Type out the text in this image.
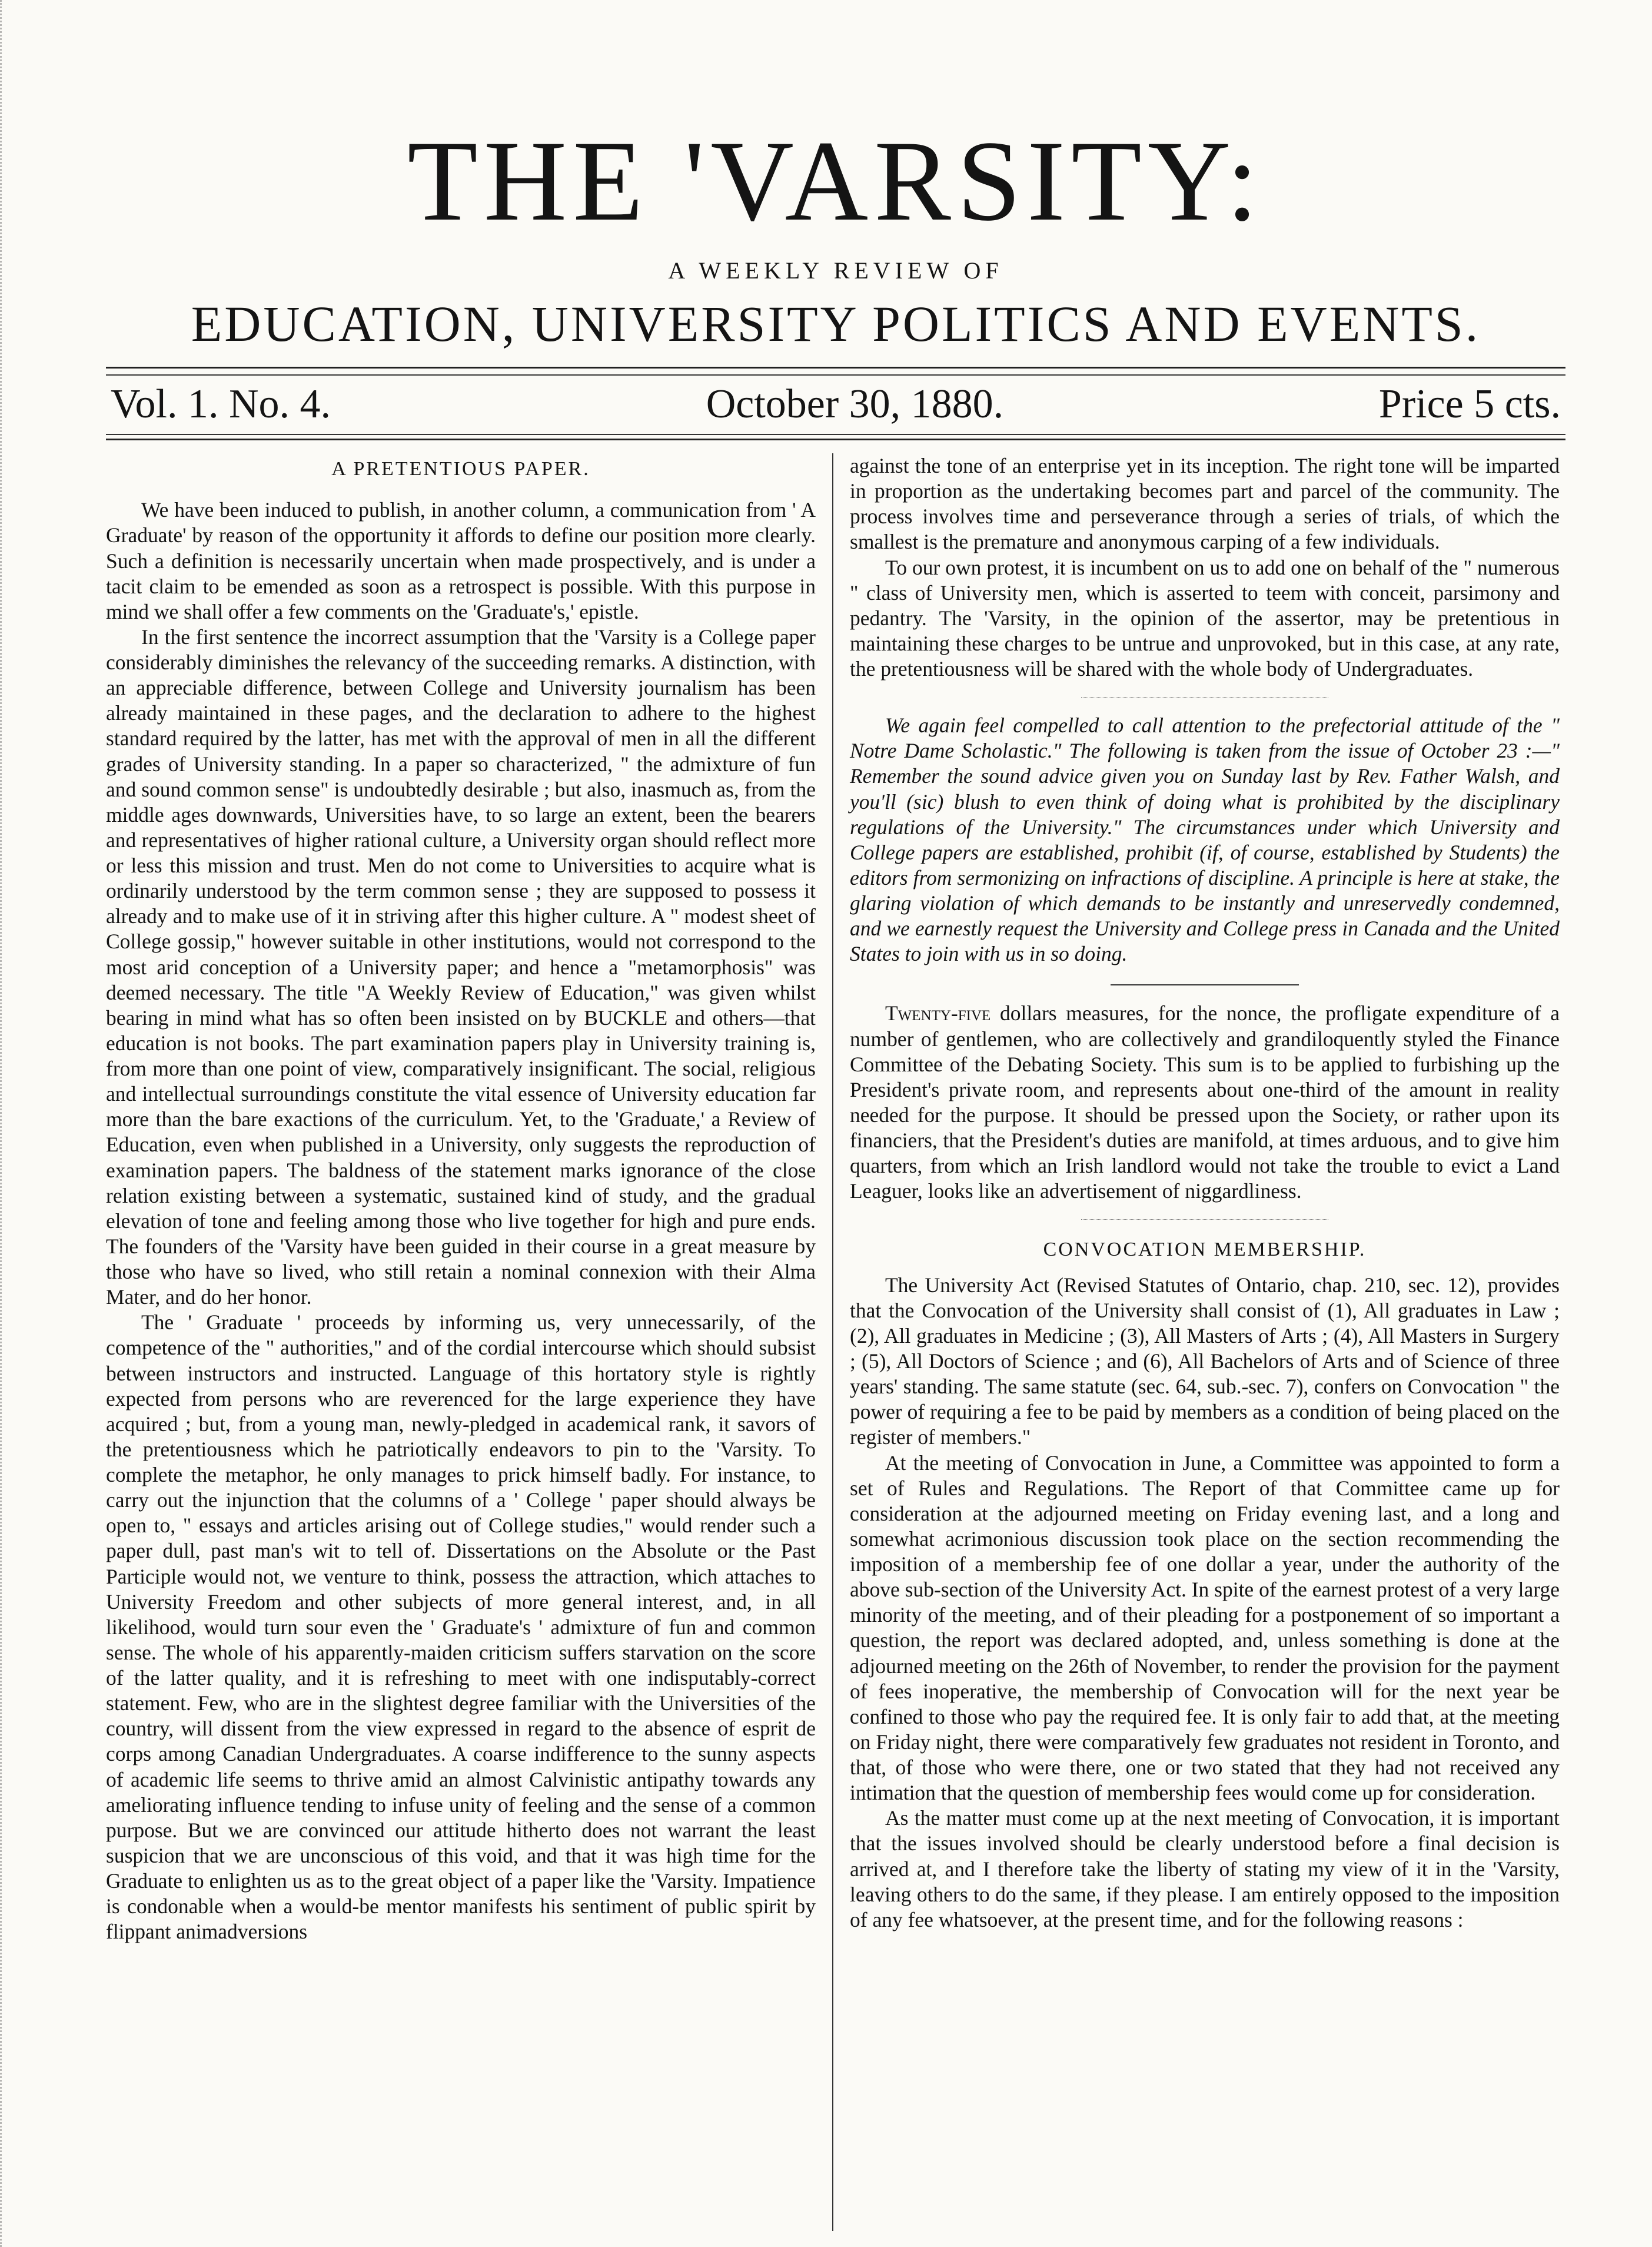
THE 'VARSITY:
A WEEKLY REVIEW OF
EDUCATION, UNIVERSITY POLITICS AND EVENTS.
Vol. 1. No. 4.	October 30, 1880.	Price 5 cts.
A PRETENTIOUS PAPER.

We have been induced to publish, in another column, a communication from ' A Graduate' by reason of the opportunity it affords to define our position more clearly. Such a definition is necessarily uncertain when made prospectively, and is under a tacit claim to be emended as soon as a retrospect is possible. With this purpose in mind we shall offer a few comments on the 'Graduate's,' epistle.

In the first sentence the incorrect assumption that the 'Varsity is a College paper considerably diminishes the relevancy of the succeeding remarks. A distinction, with an appreciable difference, between College and University journalism has been already maintained in these pages, and the declaration to adhere to the highest standard required by the latter, has met with the approval of men in all the different grades of University standing. In a paper so characterized, " the admixture of fun and sound common sense" is undoubtedly desirable ; but also, inasmuch as, from the middle ages downwards, Universities have, to so large an extent, been the bearers and representatives of higher rational culture, a University organ should reflect more or less this mission and trust. Men do not come to Universities to acquire what is ordinarily understood by the term common sense ; they are supposed to possess it already and to make use of it in striving after this higher culture. A " modest sheet of College gossip," however suitable in other institutions, would not correspond to the most arid conception of a University paper; and hence a "metamorphosis" was deemed necessary. The title "A Weekly Review of Education," was given whilst bearing in mind what has so often been insisted on by BUCKLE and others—that education is not books. The part examination papers play in University training is, from more than one point of view, comparatively insignificant. The social, religious and intellectual surroundings constitute the vital essence of University education far more than the bare exactions of the curriculum. Yet, to the 'Graduate,' a Review of Education, even when published in a University, only suggests the reproduction of examination papers. The baldness of the statement marks ignorance of the close relation existing between a systematic, sustained kind of study, and the gradual elevation of tone and feeling among those who live together for high and pure ends. The founders of the 'Varsity have been guided in their course in a great measure by those who have so lived, who still retain a nominal connexion with their Alma Mater, and do her honor.

The ' Graduate ' proceeds by informing us, very unnecessarily, of the competence of the " authorities," and of the cordial intercourse which should subsist between instructors and instructed. Language of this hortatory style is rightly expected from persons who are reverenced for the large experience they have acquired ; but, from a young man, newly-pledged in academical rank, it savors of the pretentiousness which he patriotically endeavors to pin to the 'Varsity. To complete the metaphor, he only manages to prick himself badly. For instance, to carry out the injunction that the columns of a ' College ' paper should always be open to, " essays and articles arising out of College studies," would render such a paper dull, past man's wit to tell of. Dissertations on the Absolute or the Past Participle would not, we venture to think, possess the attraction, which attaches to University Freedom and other subjects of more general interest, and, in all likelihood, would turn sour even the ' Graduate's ' admixture of fun and common sense. The whole of his apparently-maiden criticism suffers starvation on the score of the latter quality, and it is refreshing to meet with one indisputably-correct statement. Few, who are in the slightest degree familiar with the Universities of the country, will dissent from the view expressed in regard to the absence of esprit de corps among Canadian Undergraduates. A coarse indifference to the sunny aspects of academic life seems to thrive amid an almost Calvinistic antipathy towards any ameliorating influence tending to infuse unity of feeling and the sense of a common purpose. But we are convinced our attitude hitherto does not warrant the least suspicion that we are unconscious of this void, and that it was high time for the Graduate to enlighten us as to the great object of a paper like the 'Varsity. Impatience is condonable when a would-be mentor manifests his sentiment of public spirit by flippant animadversions

against the tone of an enterprise yet in its inception. The right tone will be imparted in proportion as the undertaking becomes part and parcel of the community. The process involves time and perseverance through a series of trials, of which the smallest is the premature and anonymous carping of a few individuals.

To our own protest, it is incumbent on us to add one on behalf of the " numerous " class of University men, which is asserted to teem with conceit, parsimony and pedantry. The 'Varsity, in the opinion of the assertor, may be pretentious in maintaining these charges to be untrue and unprovoked, but in this case, at any rate, the pretentiousness will be shared with the whole body of Undergraduates.

We again feel compelled to call attention to the prefectorial attitude of the " Notre Dame Scholastic." The following is taken from the issue of October 23 :—" Remember the sound advice given you on Sunday last by Rev. Father Walsh, and you'll (sic) blush to even think of doing what is prohibited by the disciplinary regulations of the University." The circumstances under which University and College papers are established, prohibit (if, of course, established by Students) the editors from sermonizing on infractions of discipline. A principle is here at stake, the glaring violation of which demands to be instantly and unreservedly condemned, and we earnestly request the University and College press in Canada and the United States to join with us in so doing.

Twenty-five dollars measures, for the nonce, the profligate expenditure of a number of gentlemen, who are collectively and grandiloquently styled the Finance Committee of the Debating Society. This sum is to be applied to furbishing up the President's private room, and represents about one-third of the amount in reality needed for the purpose. It should be pressed upon the Society, or rather upon its financiers, that the President's duties are manifold, at times arduous, and to give him quarters, from which an Irish landlord would not take the trouble to evict a Land Leaguer, looks like an advertisement of niggardliness.

CONVOCATION MEMBERSHIP.

The University Act (Revised Statutes of Ontario, chap. 210, sec. 12), provides that the Convocation of the University shall consist of (1), All graduates in Law ; (2), All graduates in Medicine ; (3), All Masters of Arts ; (4), All Masters in Surgery ; (5), All Doctors of Science ; and (6), All Bachelors of Arts and of Science of three years' standing. The same statute (sec. 64, sub.-sec. 7), confers on Convocation " the power of requiring a fee to be paid by members as a condition of being placed on the register of members."

At the meeting of Convocation in June, a Committee was appointed to form a set of Rules and Regulations. The Report of that Committee came up for consideration at the adjourned meeting on Friday evening last, and a long and somewhat acrimonious discussion took place on the section recommending the imposition of a membership fee of one dollar a year, under the authority of the above sub-section of the University Act. In spite of the earnest protest of a very large minority of the meeting, and of their pleading for a postponement of so important a question, the report was declared adopted, and, unless something is done at the adjourned meeting on the 26th of November, to render the provision for the payment of fees inoperative, the membership of Convocation will for the next year be confined to those who pay the required fee. It is only fair to add that, at the meeting on Friday night, there were comparatively few graduates not resident in Toronto, and that, of those who were there, one or two stated that they had not received any intimation that the question of membership fees would come up for consideration.

As the matter must come up at the next meeting of Convocation, it is important that the issues involved should be clearly understood before a final decision is arrived at, and I therefore take the liberty of stating my view of it in the 'Varsity, leaving others to do the same, if they please. I am entirely opposed to the imposition of any fee whatsoever, at the present time, and for the following reasons :
